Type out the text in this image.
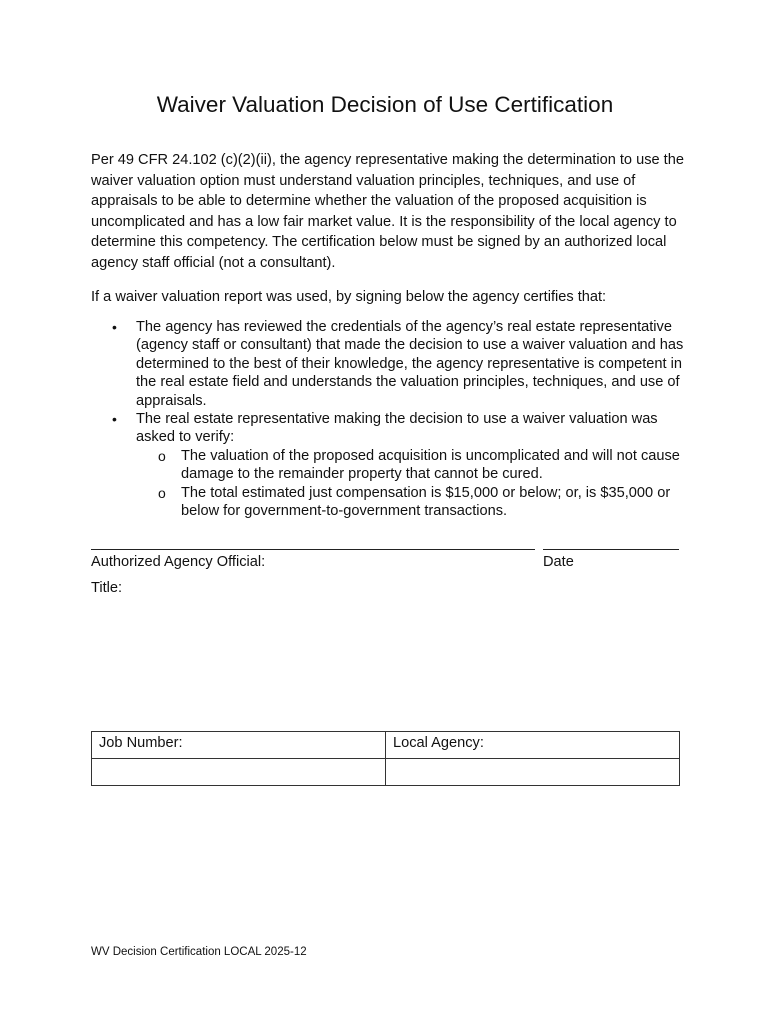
Waiver Valuation Decision of Use Certification

Per 49 CFR 24.102 (c)(2)(ii), the agency representative making the determination to use the waiver valuation option must understand valuation principles, techniques, and use of appraisals to be able to determine whether the valuation of the proposed acquisition is uncomplicated and has a low fair market value. It is the responsibility of the local agency to determine this competency. The certification below must be signed by an authorized local agency staff official (not a consultant).

If a waiver valuation report was used, by signing below the agency certifies that:

• The agency has reviewed the credentials of the agency’s real estate representative (agency staff or consultant) that made the decision to use a waiver valuation and has determined to the best of their knowledge, the agency representative is competent in the real estate field and understands the valuation principles, techniques, and use of appraisals.
• The real estate representative making the decision to use a waiver valuation was asked to verify:
o The valuation of the proposed acquisition is uncomplicated and will not cause damage to the remainder property that cannot be cured.
o The total estimated just compensation is $15,000 or below; or, is $35,000 or below for government-to-government transactions.

Authorized Agency Official:	Date

Title:

Job Number:	Local Agency:

WV Decision Certification LOCAL 2025-12
